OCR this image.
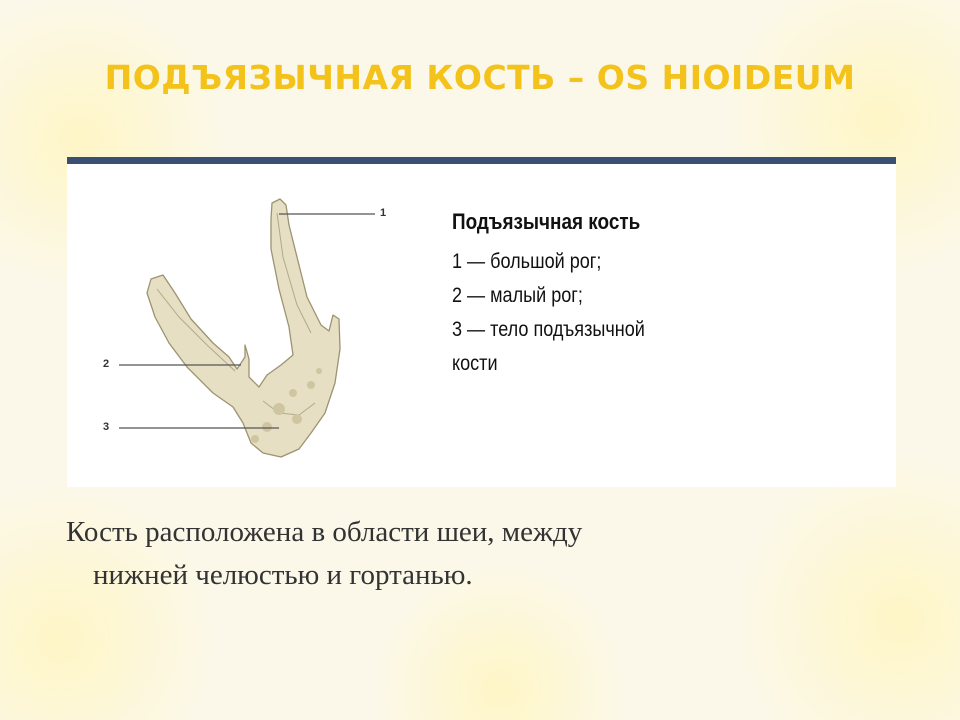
ПОДЪЯЗЫЧНАЯ КОСТЬ – OS HIOIDEUM
1
2
3
Подъязычная кость
1 — большой рог;
2 — малый рог;
3 — тело подъязычной
кости
Кость расположена в области шеи, между
нижней челюстью и гортанью.
